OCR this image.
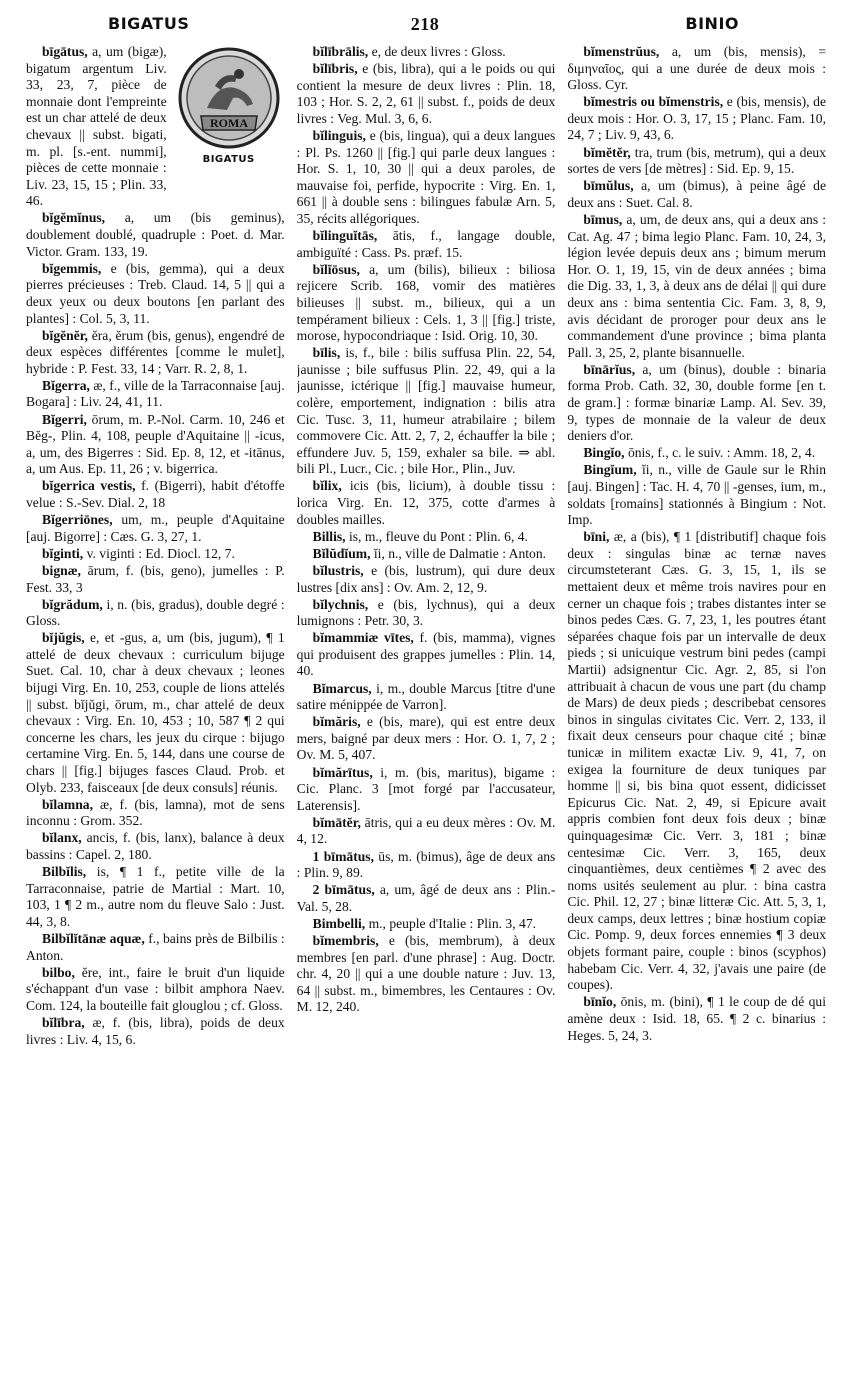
BIGATUS	218	BINIO
ROMA
BIGATUS

bīgātus, a, um (bigæ), bigatum argentum Liv. 33, 23, 7, pièce de monnaie dont l'empreinte est un char attelé de deux chevaux || subst. bigati, m. pl. [s.-ent. nummi], pièces de cette monnaie : Liv. 23, 15, 15 ; Plin. 33, 46.

bĭgĕmĭnus, a, um (bis geminus), doublement doublé, quadruple : Poet. d. Mar. Victor. Gram. 133, 19.

bĭgemmis, e (bis, gemma), qui a deux pierres précieuses : Treb. Claud. 14, 5 || qui a deux yeux ou deux boutons [en parlant des plantes] : Col. 5, 3, 11.

bĭgĕnĕr, ĕra, ĕrum (bis, genus), engendré de deux espèces différentes [comme le mulet], hybride : P. Fest. 33, 14 ; Varr. R. 2, 8, 1.

Bĭgerra, æ, f., ville de la Tarraconnaise [auj. Bogara] : Liv. 24, 41, 11.

Bĭgerri, ōrum, m. P.-Nol. Carm. 10, 246 et Bĕg-, Plin. 4, 108, peuple d'Aquitaine || -icus, a, um, des Bigerres : Sid. Ep. 8, 12, et -itānus, a, um Aus. Ep. 11, 26 ; v. bigerrica.

bĭgerrica vestis, f. (Bigerri), habit d'étoffe velue : S.-Sev. Dial. 2, 18

Bĭgerriōnes, um, m., peuple d'Aquitaine [auj. Bigorre] : Cæs. G. 3, 27, 1.

bĭginti, v. viginti : Ed. Diocl. 12, 7.

bignæ, ārum, f. (bis, geno), jumelles : P. Fest. 33, 3

bĭgrădum, i, n. (bis, gradus), double degré : Gloss.

bĭjŭgis, e, et -gus, a, um (bis, jugum), ¶ 1 attelé de deux chevaux : curriculum bijuge Suet. Cal. 10, char à deux chevaux ; leones bijugi Virg. En. 10, 253, couple de lions attelés || subst. bĭjŭgi, ōrum, m., char attelé de deux chevaux : Virg. En. 10, 453 ; 10, 587 ¶ 2 qui concerne les chars, les jeux du cirque : bijugo certamine Virg. En. 5, 144, dans une course de chars || [fig.] bijuges fasces Claud. Prob. et Olyb. 233, faisceaux [de deux consuls] réunis.

bĭlamna, æ, f. (bis, lamna), mot de sens inconnu : Grom. 352.

bĭlanx, ancis, f. (bis, lanx), balance à deux bassins : Capel. 2, 180.

Bilbĭlis, is, ¶ 1 f., petite ville de la Tarraconnaise, patrie de Martial : Mart. 10, 103, 1 ¶ 2 m., autre nom du fleuve Salo : Just. 44, 3, 8.

Bilbĭlĭtānæ aquæ, f., bains près de Bilbilis : Anton.

bilbo, ĕre, int., faire le bruit d'un liquide s'échappant d'un vase : bilbit amphora Naev. Com. 124, la bouteille fait glouglou ; cf. Gloss.

bĭlībra, æ, f. (bis, libra), poids de deux livres : Liv. 4, 15, 6.

bĭlībrālis, e, de deux livres : Gloss.

bĭlībris, e (bis, libra), qui a le poids ou qui contient la mesure de deux livres : Plin. 18, 103 ; Hor. S. 2, 2, 61 || subst. f., poids de deux livres : Veg. Mul. 3, 6, 6.

bĭlinguis, e (bis, lingua), qui a deux langues : Pl. Ps. 1260 || [fig.] qui parle deux langues : Hor. S. 1, 10, 30 || qui a deux paroles, de mauvaise foi, perfide, hypocrite : Virg. En. 1, 661 || à double sens : bilingues fabulæ Arn. 5, 35, récits allégoriques.

bĭlinguĭtās, ātis, f., langage double, ambiguïté : Cass. Ps. præf. 15.

bĭlĭōsus, a, um (bilis), bilieux : biliosa rejicere Scrib. 168, vomir des matières bilieuses || subst. m., bilieux, qui a un tempérament bilieux : Cels. 1, 3 || [fig.] triste, morose, hypocondriaque : Isid. Orig. 10, 30.

bīlis, is, f., bile : bilis suffusa Plin. 22, 54, jaunisse ; bile suffusus Plin. 22, 49, qui a la jaunisse, ictérique || [fig.] mauvaise humeur, colère, emportement, indignation : bilis atra Cic. Tusc. 3, 11, humeur atrabilaire ; bilem commovere Cic. Att. 2, 7, 2, échauffer la bile ; effundere Juv. 5, 159, exhaler sa bile. ⇒ abl. bili Pl., Lucr., Cic. ; bile Hor., Plin., Juv.

bĭlix, icis (bis, licium), à double tissu : lorica Virg. En. 12, 375, cotte d'armes à doubles mailles.

Billis, is, m., fleuve du Pont : Plin. 6, 4.

Bĭlŭdĭum, ĭi, n., ville de Dalmatie : Anton.

bĭlustris, e (bis, lustrum), qui dure deux lustres [dix ans] : Ov. Am. 2, 12, 9.

bĭlychnis, e (bis, lychnus), qui a deux lumignons : Petr. 30, 3.

bĭmammiæ vītes, f. (bis, mamma), vignes qui produisent des grappes jumelles : Plin. 14, 40.

Bĭmarcus, i, m., double Marcus [titre d'une satire ménippée de Varron].

bĭmăris, e (bis, mare), qui est entre deux mers, baigné par deux mers : Hor. O. 1, 7, 2 ; Ov. M. 5, 407.

bĭmărītus, i, m. (bis, maritus), bigame : Cic. Planc. 3 [mot forgé par l'accusateur, Laterensis].

bĭmātĕr, ātris, qui a eu deux mères : Ov. M. 4, 12.

1 bīmātus, ūs, m. (bimus), âge de deux ans : Plin. 9, 89.

2 bīmātus, a, um, âgé de deux ans : Plin.-Val. 5, 28.

Bimbelli, m., peuple d'Italie : Plin. 3, 47.

bĭmembris, e (bis, membrum), à deux membres [en parl. d'une phrase] : Aug. Doctr. chr. 4, 20 || qui a une double nature : Juv. 13, 64 || subst. m., bimembres, les Centaures : Ov. M. 12, 240.

bĭmenstrŭus, a, um (bis, mensis), = διμηναῖος, qui a une durée de deux mois : Gloss. Cyr.

bĭmestris ou bĭmenstris, e (bis, mensis), de deux mois : Hor. O. 3, 17, 15 ; Planc. Fam. 10, 24, 7 ; Liv. 9, 43, 6.

bĭmĕtĕr, tra, trum (bis, metrum), qui a deux sortes de vers [de mètres] : Sid. Ep. 9, 15.

bīmŭlus, a, um (bimus), à peine âgé de deux ans : Suet. Cal. 8.

bīmus, a, um, de deux ans, qui a deux ans : Cat. Ag. 47 ; bima legio Planc. Fam. 10, 24, 3, légion levée depuis deux ans ; bimum merum Hor. O. 1, 19, 15, vin de deux années ; bima die Dig. 33, 1, 3, à deux ans de délai || qui dure deux ans : bima sententia Cic. Fam. 3, 8, 9, avis décidant de proroger pour deux ans le commandement d'une province ; bima planta Pall. 3, 25, 2, plante bisannuelle.

bīnārĭus, a, um (binus), double : binaria forma Prob. Cath. 32, 30, double forme [en t. de gram.] : formæ binariæ Lamp. Al. Sev. 39, 9, types de monnaie de la valeur de deux deniers d'or.

Bingĭo, ōnis, f., c. le suiv. : Amm. 18, 2, 4.

Bingĭum, ĭi, n., ville de Gaule sur le Rhin [auj. Bingen] : Tac. H. 4, 70 || -genses, ium, m., soldats [romains] stationnés à Bingium : Not. Imp.

bīni, æ, a (bis), ¶ 1 [distributif] chaque fois deux : singulas binæ ac ternæ naves circumsteterant Cæs. G. 3, 15, 1, ils se mettaient deux et même trois navires pour en cerner un chaque fois ; trabes distantes inter se binos pedes Cæs. G. 7, 23, 1, les poutres étant séparées chaque fois par un intervalle de deux pieds ; si unicuique vestrum bini pedes (campi Martii) adsignentur Cic. Agr. 2, 85, si l'on attribuait à chacun de vous une part (du champ de Mars) de deux pieds ; describebat censores binos in singulas civitates Cic. Verr. 2, 133, il fixait deux censeurs pour chaque cité ; binæ tunicæ in militem exactæ Liv. 9, 41, 7, on exigea la fourniture de deux tuniques par homme || si, bis bina quot essent, didicisset Epicurus Cic. Nat. 2, 49, si Epicure avait appris combien font deux fois deux ; binæ quinquagesimæ Cic. Verr. 3, 181 ; binæ centesimæ Cic. Verr. 3, 165, deux cinquantièmes, deux centièmes ¶ 2 avec des noms usités seulement au plur. : bina castra Cic. Phil. 12, 27 ; binæ litteræ Cic. Att. 5, 3, 1, deux camps, deux lettres ; binæ hostium copiæ Cic. Pomp. 9, deux forces ennemies ¶ 3 deux objets formant paire, couple : binos (scyphos) habebam Cic. Verr. 4, 32, j'avais une paire (de coupes).

bīnĭo, ōnis, m. (bini), ¶ 1 le coup de dé qui amène deux : Isid. 18, 65. ¶ 2 c. binarius : Heges. 5, 24, 3.
